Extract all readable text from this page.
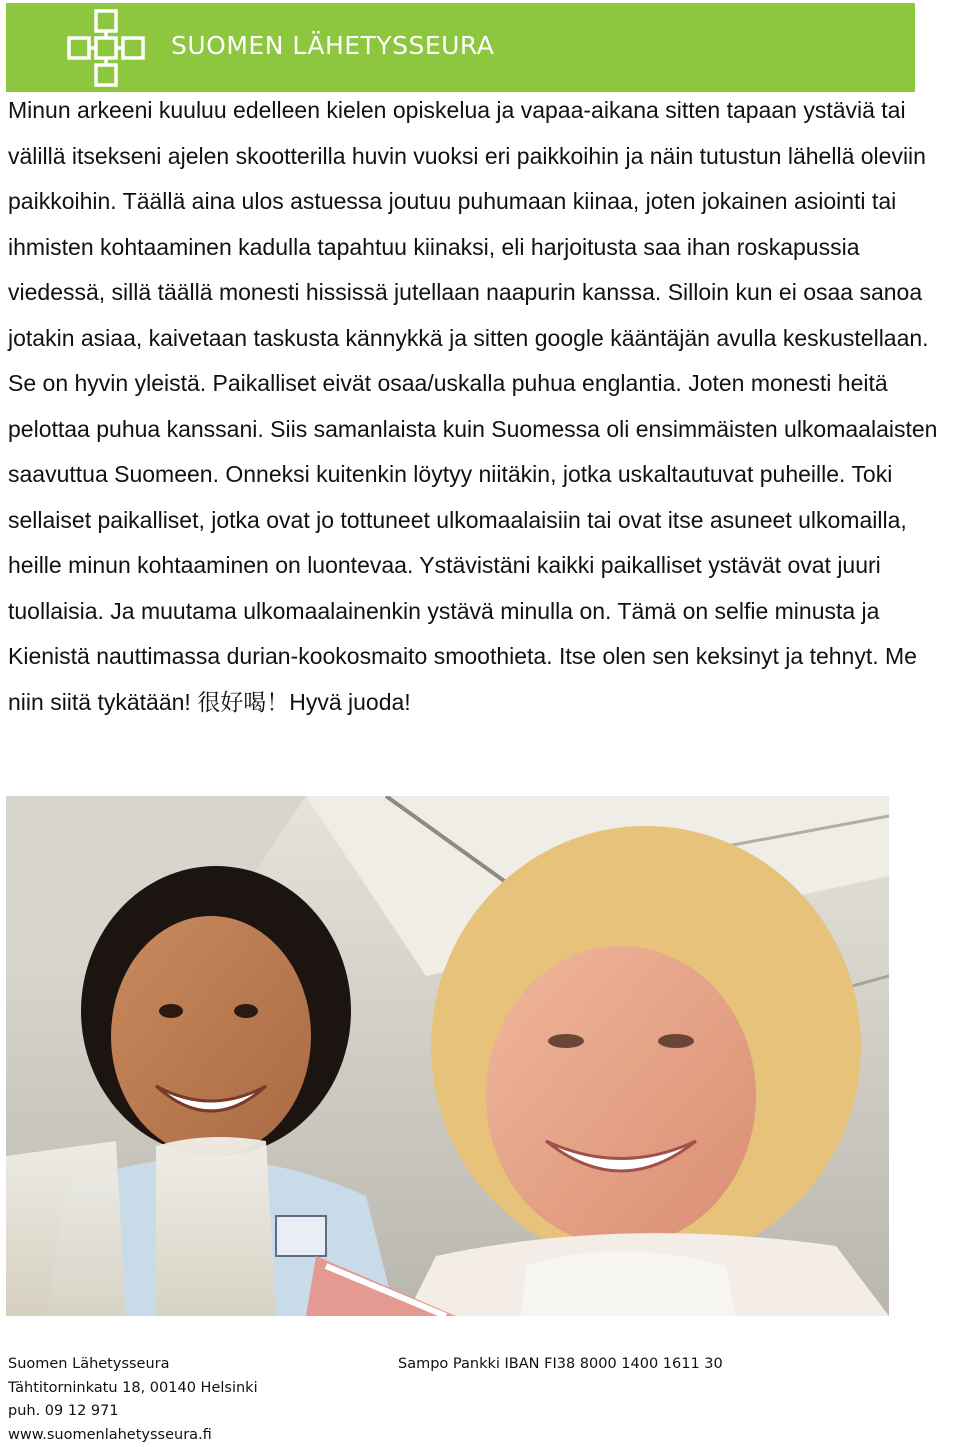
SUOMEN LÄHETYSSEURA
Minun arkeeni kuuluu edelleen kielen opiskelua ja vapaa-aikana sitten tapaan ystäviä tai välillä itsekseni ajelen skootterilla huvin vuoksi eri paikkoihin ja näin tutustun lähellä oleviin paikkoihin. Täällä aina ulos astuessa joutuu puhumaan kiinaa, joten jokainen asiointi tai ihmisten kohtaaminen kadulla tapahtuu kiinaksi, eli harjoitusta saa ihan roskapussia viedessä, sillä täällä monesti hississä jutellaan naapurin kanssa. Silloin kun ei osaa sanoa jotakin asiaa, kaivetaan taskusta kännykkä ja sitten google kääntäjän avulla keskustellaan. Se on hyvin yleistä. Paikalliset eivät osaa/uskalla puhua englantia. Joten monesti heitä pelottaa puhua kanssani. Siis samanlaista kuin Suomessa oli ensimmäisten ulkomaalaisten saavuttua Suomeen. Onneksi kuitenkin löytyy niitäkin, jotka uskaltautuvat puheille. Toki sellaiset paikalliset, jotka ovat jo tottuneet ulkomaalaisiin tai ovat itse asuneet ulkomailla, heille minun kohtaaminen on luontevaa. Ystävistäni kaikki paikalliset ystävät ovat juuri tuollaisia. Ja muutama ulkomaalainenkin ystävä minulla on. Tämä on selfie minusta ja Kienistä nauttimassa durian-kookosmaito smoothieta. Itse olen sen keksinyt ja tehnyt. Me niin siitä tykätään! 很好喝！Hyvä juoda!
Suomen Lähetysseura
Tähtitorninkatu 18, 00140 Helsinki
puh. 09 12 971
www.suomenlahetysseura.fi
Sampo Pankki IBAN FI38 8000 1400 1611 30
